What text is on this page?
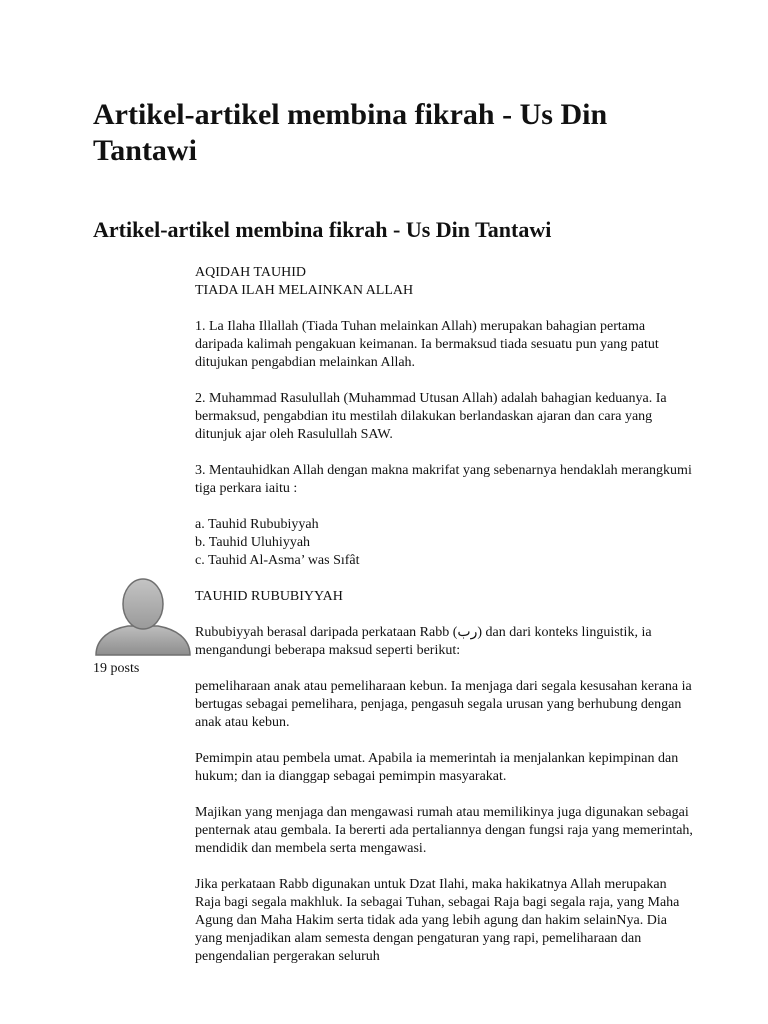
Artikel-artikel membina fikrah - Us Din Tantawi
Artikel-artikel membina fikrah - Us Din Tantawi
19 posts

AQIDAH TAUHID
TIADA ILAH MELAINKAN ALLAH

1. La Ilaha Illallah (Tiada Tuhan melainkan Allah) merupakan bahagian pertama daripada kalimah pengakuan keimanan. Ia bermaksud tiada sesuatu pun yang patut ditujukan pengabdian melainkan Allah.

2. Muhammad Rasulullah (Muhammad Utusan Allah) adalah bahagian keduanya. Ia bermaksud, pengabdian itu mestilah dilakukan berlandaskan ajaran dan cara yang ditunjuk ajar oleh Rasulullah SAW.

3. Mentauhidkan Allah dengan makna makrifat yang sebenarnya hendaklah merangkumi tiga perkara iaitu :

a. Tauhid Rububiyyah
b. Tauhid Uluhiyyah
c. Tauhid Al-Asma’ was Sıfât

TAUHID RUBUBIYYAH

Rububiyyah berasal daripada perkataan Rabb (رب) dan dari konteks linguistik, ia mengandungi beberapa maksud seperti berikut:

pemeliharaan anak atau pemeliharaan kebun. Ia menjaga dari segala kesusahan kerana ia bertugas sebagai pemelihara, penjaga, pengasuh segala urusan yang berhubung dengan anak atau kebun.

Pemimpin atau pembela umat. Apabila ia memerintah ia menjalankan kepimpinan dan hukum; dan ia dianggap sebagai pemimpin masyarakat.

Majikan yang menjaga dan mengawasi rumah atau memilikinya juga digunakan sebagai penternak atau gembala. Ia bererti ada pertaliannya dengan fungsi raja yang memerintah, mendidik dan membela serta mengawasi.

Jika perkataan Rabb digunakan untuk Dzat Ilahi, maka hakikatnya Allah merupakan Raja bagi segala makhluk. Ia sebagai Tuhan, sebagai Raja bagi segala raja, yang Maha Agung dan Maha Hakim serta tidak ada yang lebih agung dan hakim selainNya. Dia yang menjadikan alam semesta dengan pengaturan yang rapi, pemeliharaan dan pengendalian pergerakan seluruh
